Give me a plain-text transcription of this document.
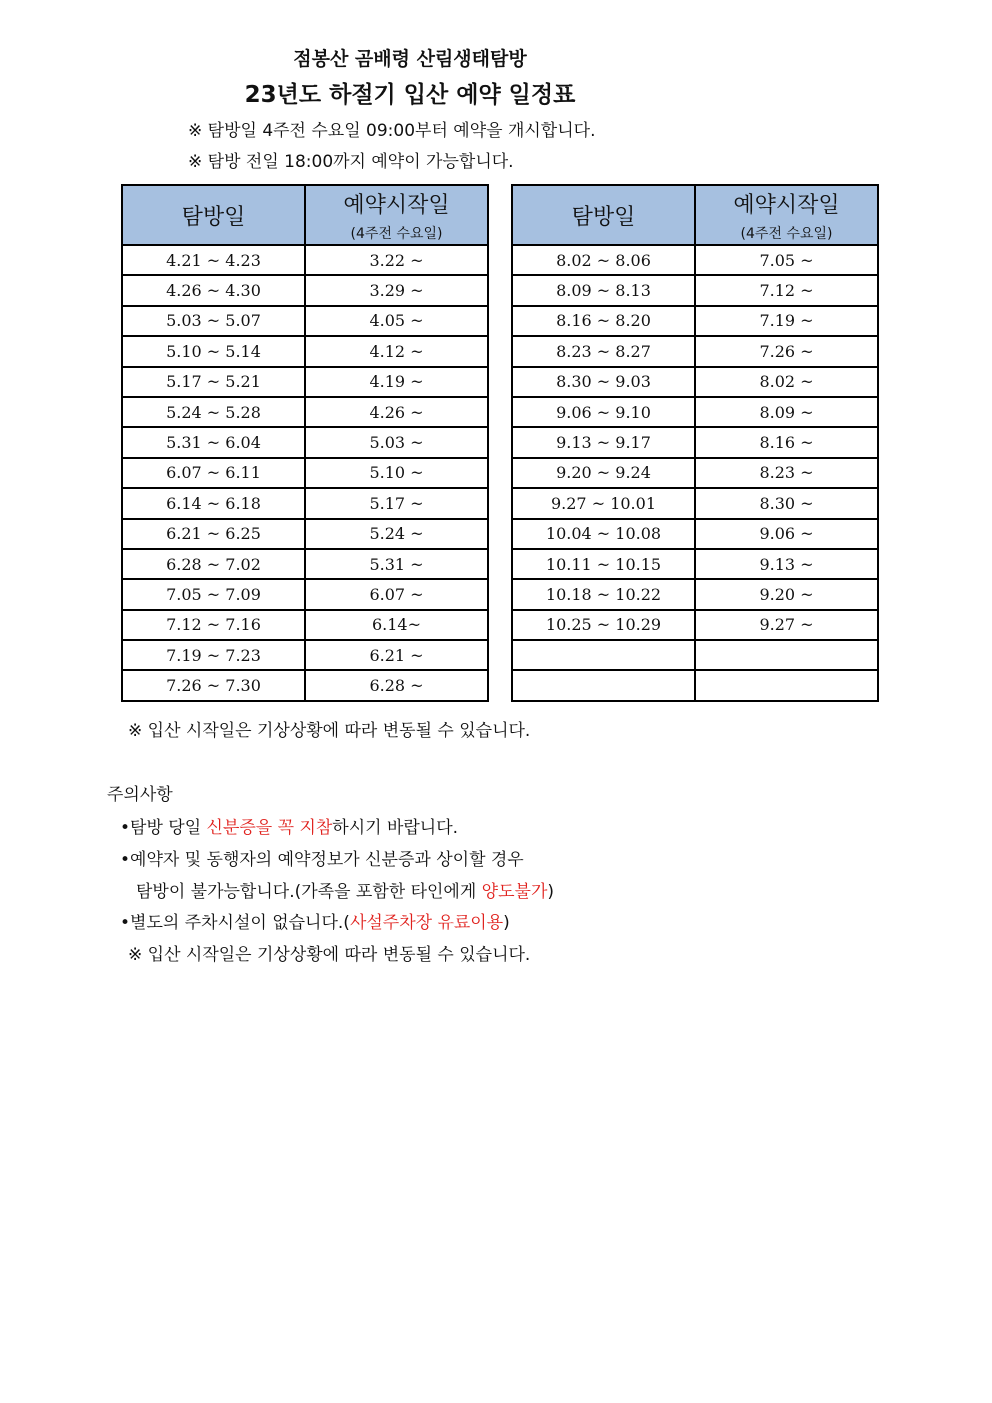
점봉산 곰배령 산림생태탐방
23년도 하절기 입산 예약 일정표
※ 탐방일 4주전 수요일 09:00부터 예약을 개시합니다.
※ 탐방 전일 18:00까지 예약이 가능합니다.
탐방일	예약시작일
(4주전 수요일)

4.21 ~ 4.23	3.22 ~
4.26 ~ 4.30	3.29 ~
5.03 ~ 5.07	4.05 ~
5.10 ~ 5.14	4.12 ~
5.17 ~ 5.21	4.19 ~
5.24 ~ 5.28	4.26 ~
5.31 ~ 6.04	5.03 ~
6.07 ~ 6.11	5.10 ~
6.14 ~ 6.18	5.17 ~
6.21 ~ 6.25	5.24 ~
6.28 ~ 7.02	5.31 ~
7.05 ~ 7.09	6.07 ~
7.12 ~ 7.16	6.14~
7.19 ~ 7.23	6.21 ~
7.26 ~ 7.30	6.28 ~
탐방일	예약시작일
(4주전 수요일)

8.02 ~ 8.06	7.05 ~
8.09 ~ 8.13	7.12 ~
8.16 ~ 8.20	7.19 ~
8.23 ~ 8.27	7.26 ~
8.30 ~ 9.03	8.02 ~
9.06 ~ 9.10	8.09 ~
9.13 ~ 9.17	8.16 ~
9.20 ~ 9.24	8.23 ~
9.27 ~ 10.01	8.30 ~
10.04 ~ 10.08	9.06 ~
10.11 ~ 10.15	9.13 ~
10.18 ~ 10.22	9.20 ~
10.25 ~ 10.29	9.27 ~

※ 입산 시작일은 기상상황에 따라 변동될 수 있습니다.
주의사항
•탐방 당일 신분증을 꼭 지참하시기 바랍니다.
•예약자 및 동행자의 예약정보가 신분증과 상이할 경우
탐방이 불가능합니다.(가족을 포함한 타인에게 양도불가)
•별도의 주차시설이 없습니다.(사설주차장 유료이용)
※ 입산 시작일은 기상상황에 따라 변동될 수 있습니다.
